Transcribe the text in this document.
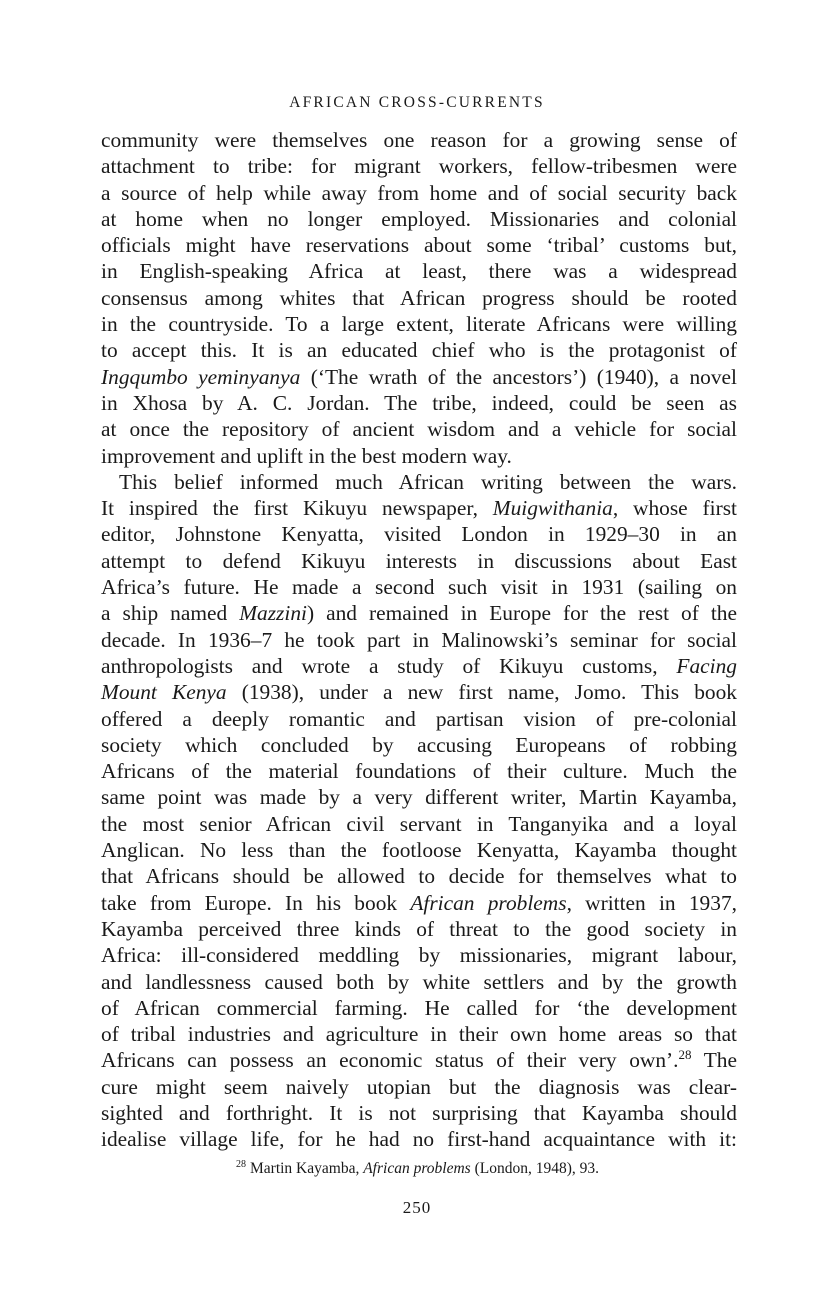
AFRICAN CROSS-CURRENTS
community were themselves one reason for a growing sense of
attachment to tribe: for migrant workers, fellow-tribesmen were
a source of help while away from home and of social security back
at home when no longer employed. Missionaries and colonial
officials might have reservations about some ‘tribal’ customs but,
in English-speaking Africa at least, there was a widespread
consensus among whites that African progress should be rooted
in the countryside. To a large extent, literate Africans were willing
to accept this. It is an educated chief who is the protagonist of
Ingqumbo yeminyanya (‘The wrath of the ancestors’) (1940), a novel
in Xhosa by A. C. Jordan. The tribe, indeed, could be seen as
at once the repository of ancient wisdom and a vehicle for social
improvement and uplift in the best modern way.
This belief informed much African writing between the wars.
It inspired the first Kikuyu newspaper, Muigwithania, whose first
editor, Johnstone Kenyatta, visited London in 1929–30 in an
attempt to defend Kikuyu interests in discussions about East
Africa’s future. He made a second such visit in 1931 (sailing on
a ship named Mazzini) and remained in Europe for the rest of the
decade. In 1936–7 he took part in Malinowski’s seminar for social
anthropologists and wrote a study of Kikuyu customs, Facing
Mount Kenya (1938), under a new first name, Jomo. This book
offered a deeply romantic and partisan vision of pre-colonial
society which concluded by accusing Europeans of robbing
Africans of the material foundations of their culture. Much the
same point was made by a very different writer, Martin Kayamba,
the most senior African civil servant in Tanganyika and a loyal
Anglican. No less than the footloose Kenyatta, Kayamba thought
that Africans should be allowed to decide for themselves what to
take from Europe. In his book African problems, written in 1937,
Kayamba perceived three kinds of threat to the good society in
Africa: ill-considered meddling by missionaries, migrant labour,
and landlessness caused both by white settlers and by the growth
of African commercial farming. He called for ‘the development
of tribal industries and agriculture in their own home areas so that
Africans can possess an economic status of their very own’.$^{28}$ The
cure might seem naively utopian but the diagnosis was clear-
sighted and forthright. It is not surprising that Kayamba should
idealise village life, for he had no first-hand acquaintance with it:
$^{28}$ Martin Kayamba, African problems (London, 1948), 93.
250
